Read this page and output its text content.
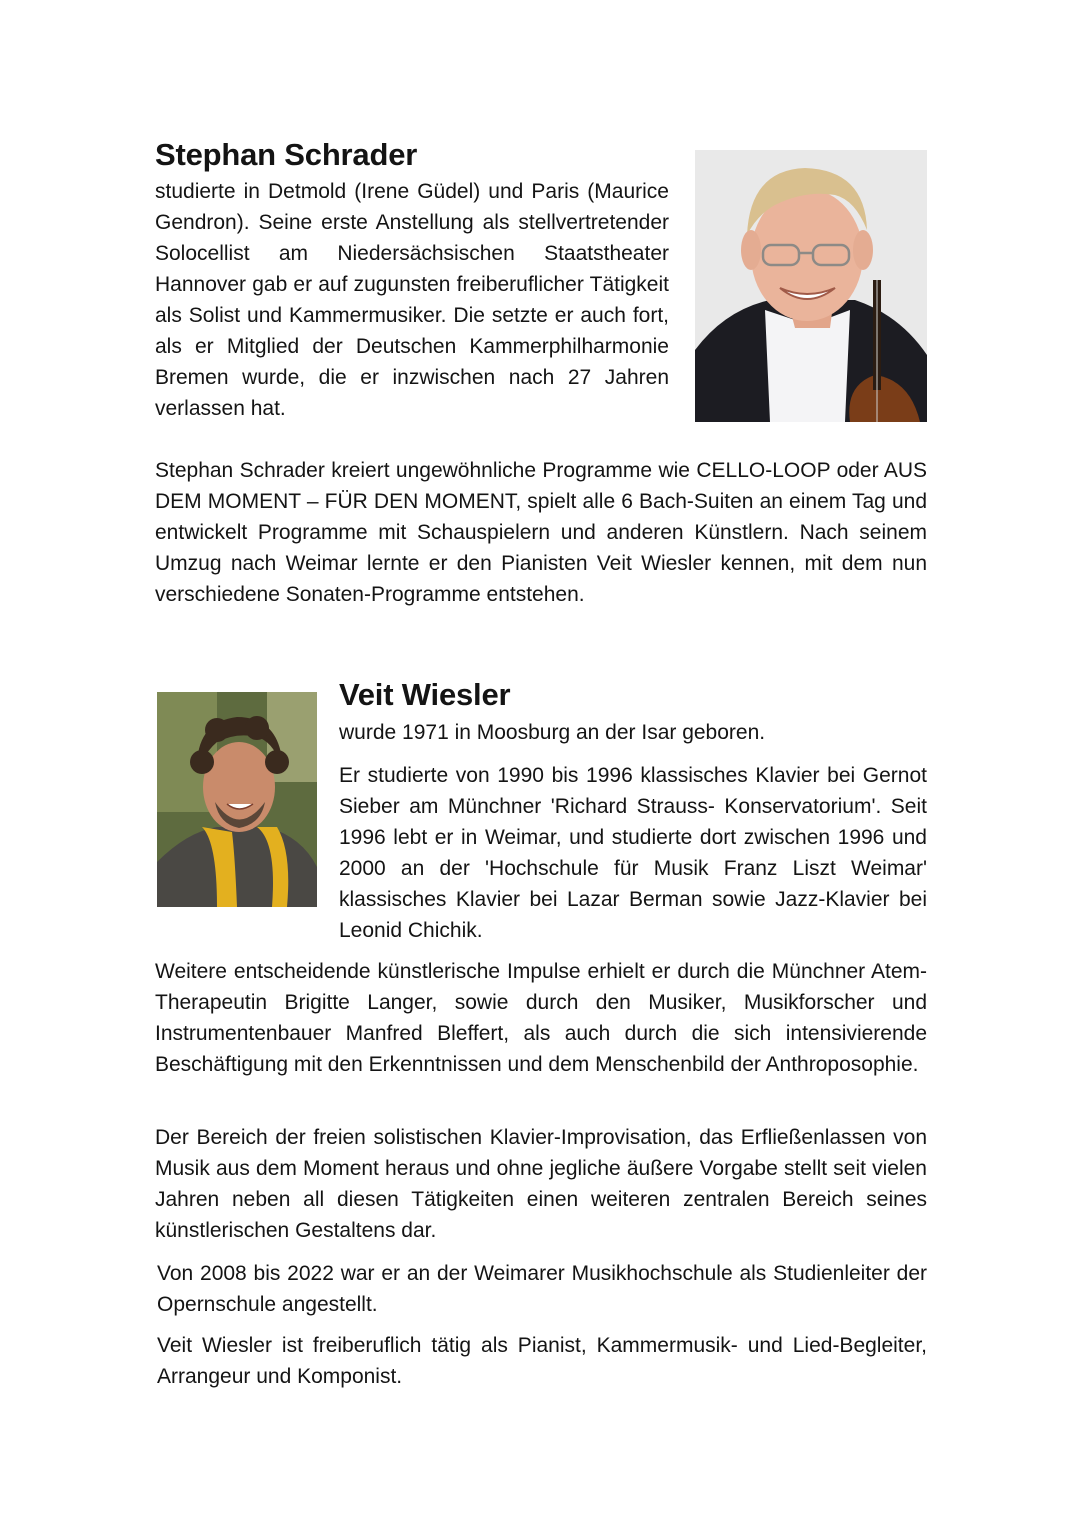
Stephan Schrader

studierte in Detmold (Irene Güdel) und Paris (Maurice Gendron). Seine erste Anstellung als stellvertretender Solocellist am Niedersächsischen Staatstheater Hannover gab er auf zugunsten freiberuflicher Tätigkeit als Solist und Kammermusiker. Die setzte er auch fort, als er Mitglied der Deutschen Kammerphilharmonie Bremen wurde, die er inzwischen nach 27 Jahren verlassen hat.

Stephan Schrader kreiert ungewöhnliche Programme wie CELLO-LOOP oder AUS DEM MOMENT – FÜR DEN MOMENT, spielt alle 6 Bach-Suiten an einem Tag und entwickelt Programme mit Schauspielern und anderen Künstlern. Nach seinem Umzug nach Weimar lernte er den Pianisten Veit Wiesler kennen, mit dem nun verschiedene Sonaten-Programme entstehen.

Veit Wiesler

wurde 1971 in Moosburg an der Isar geboren.

Er studierte von 1990 bis 1996 klassisches Klavier bei Gernot Sieber am Münchner 'Richard Strauss- Konservatorium'. Seit 1996 lebt er in Weimar, und studierte dort zwischen 1996 und 2000 an der 'Hochschule für Musik Franz Liszt Weimar' klassisches Klavier bei Lazar Berman sowie Jazz-Klavier bei Leonid Chichik.

Weitere entscheidende künstlerische Impulse erhielt er durch die Münchner Atem-Therapeutin Brigitte Langer, sowie durch den Musiker, Musikforscher und Instrumentenbauer Manfred Bleffert, als auch durch die sich intensivierende Beschäftigung mit den Erkenntnissen und dem Menschenbild der Anthroposophie.

Der Bereich der freien solistischen Klavier-Improvisation, das Erfließenlassen von Musik aus dem Moment heraus und ohne jegliche äußere Vorgabe stellt seit vielen Jahren neben all diesen Tätigkeiten einen weiteren zentralen Bereich seines künstlerischen Gestaltens dar.

Von 2008 bis 2022 war er an der Weimarer Musikhochschule als Studienleiter der Opernschule angestellt.

Veit Wiesler ist freiberuflich tätig als Pianist, Kammermusik- und Lied-Begleiter, Arrangeur und Komponist.
